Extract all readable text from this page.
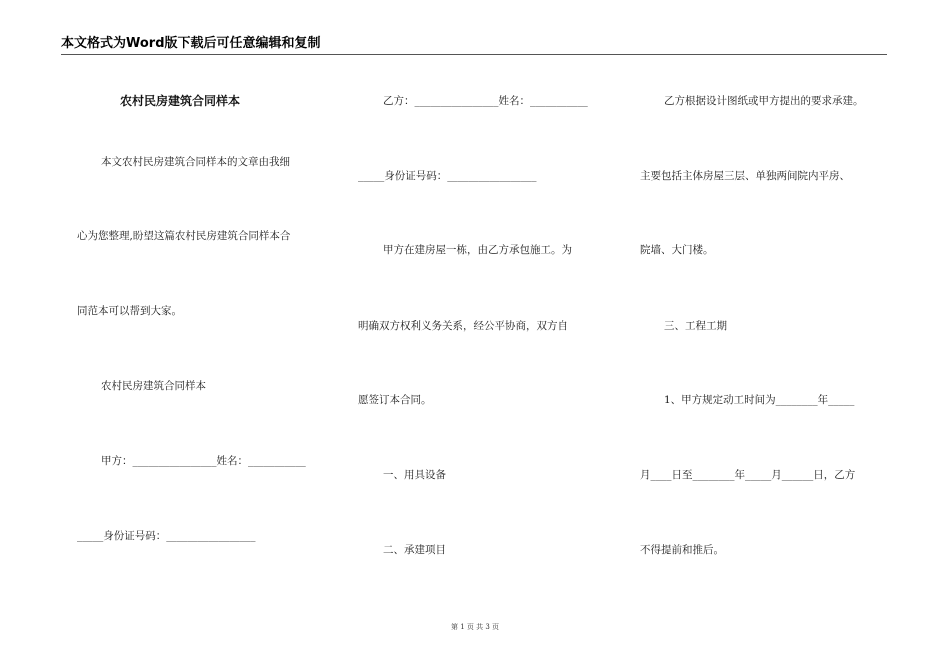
本文格式为Word版下载后可任意编辑和复制
农村民房建筑合同样本
本文农村民房建筑合同样本的文章由我细
心为您整理,盼望这篇农村民房建筑合同样本合
同范本可以帮到大家。
农村民房建筑合同样本
甲方：________________姓名：___________
_____身份证号码：_________________
乙方：________________姓名：___________
_____身份证号码：_________________
甲方在建房屋一栋，由乙方承包施工。为
明确双方权利义务关系，经公平协商，双方自
愿签订本合同。
一、用具设备
二、承建项目
乙方根据设计图纸或甲方提出的要求承建。
主要包括主体房屋三层、单独两间院内平房、
院墙、大门楼。
三、工程工期
1、甲方规定动工时间为________年_____
月____日至________年_____月______日，乙方
不得提前和推后。
第 1 页 共 3 页
